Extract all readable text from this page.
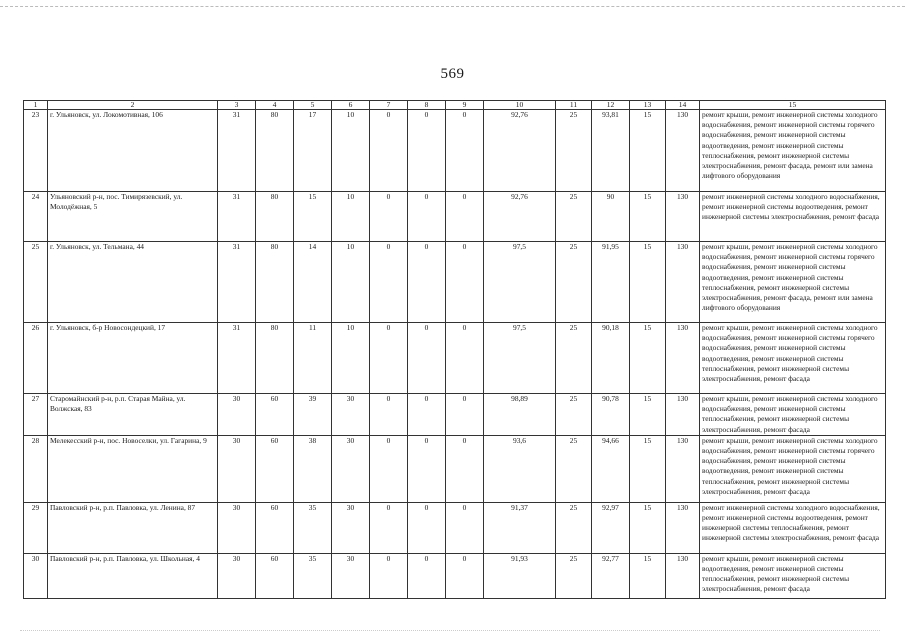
569
1	2	3	4	5	6	7	8	9	10	11	12	13	14	15
23	г. Ульяновск, ул. Локомотивная, 106	31	80	17	10	0	0	0	92,76	25	93,81	15	130	ремонт крыши, ремонт инженерной системы холодного водоснабжения, ремонт инженерной системы горячего водоснабжения, ремонт инженерной системы водоотведения, ремонт инженерной системы теплоснабжения, ремонт инженерной системы электроснабжения, ремонт фасада, ремонт или замена лифтового оборудования
24	Ульяновский р-н, пос. Тимирязевский, ул. Молодёжная, 5	31	80	15	10	0	0	0	92,76	25	90	15	130	ремонт инженерной системы холодного водоснабжения, ремонт инженерной системы водоотведения, ремонт инженерной системы электроснабжения, ремонт фасада
25	г. Ульяновск, ул. Тельмана, 44	31	80	14	10	0	0	0	97,5	25	91,95	15	130	ремонт крыши, ремонт инженерной системы холодного водоснабжения, ремонт инженерной системы горячего водоснабжения, ремонт инженерной системы водоотведения, ремонт инженерной системы теплоснабжения, ремонт инженерной системы электроснабжения, ремонт фасада, ремонт или замена лифтового оборудования
26	г. Ульяновск, б-р Новосондецкий, 17	31	80	11	10	0	0	0	97,5	25	90,18	15	130	ремонт крыши, ремонт инженерной системы холодного водоснабжения, ремонт инженерной системы горячего водоснабжения, ремонт инженерной системы водоотведения, ремонт инженерной системы теплоснабжения, ремонт инженерной системы электроснабжения, ремонт фасада
27	Старомайнский р-н, р.п. Старая Майна, ул. Волжская, 83	30	60	39	30	0	0	0	98,89	25	90,78	15	130	ремонт крыши, ремонт инженерной системы холодного водоснабжения, ремонт инженерной системы теплоснабжения, ремонт инженерной системы электроснабжения, ремонт фасада
28	Мелекесский р-н, пос. Новоселки, ул. Гагарина, 9	30	60	38	30	0	0	0	93,6	25	94,66	15	130	ремонт крыши, ремонт инженерной системы холодного водоснабжения, ремонт инженерной системы горячего водоснабжения, ремонт инженерной системы водоотведения, ремонт инженерной системы теплоснабжения, ремонт инженерной системы электроснабжения, ремонт фасада
29	Павловский р-н, р.п. Павловка, ул. Ленина, 87	30	60	35	30	0	0	0	91,37	25	92,97	15	130	ремонт инженерной системы холодного водоснабжения, ремонт инженерной системы водоотведения, ремонт инженерной системы теплоснабжения, ремонт инженерной системы электроснабжения, ремонт фасада
30	Павловский р-н, р.п. Павловка, ул. Школьная, 4	30	60	35	30	0	0	0	91,93	25	92,77	15	130	ремонт крыши, ремонт инженерной системы водоотведения, ремонт инженерной системы теплоснабжения, ремонт инженерной системы электроснабжения, ремонт фасада
